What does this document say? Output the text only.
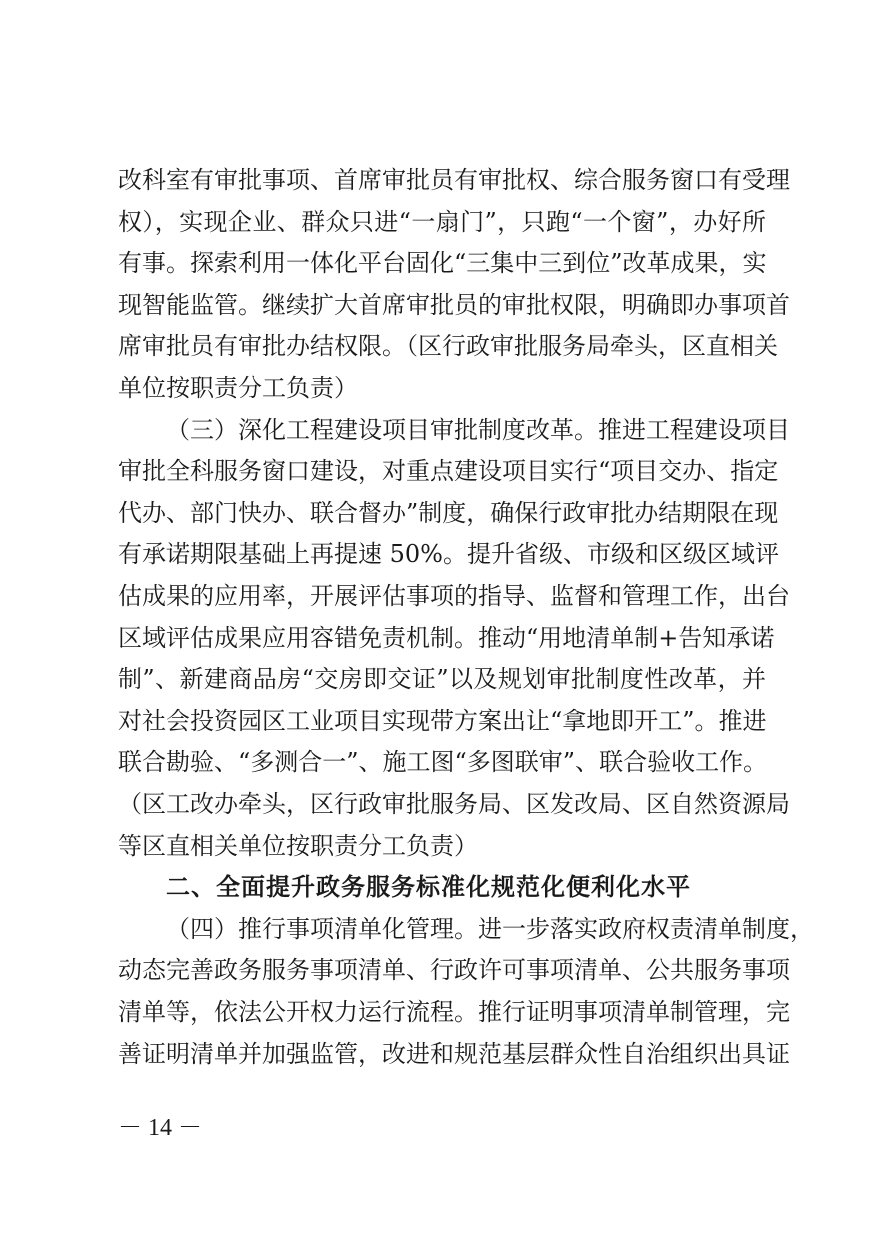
改科室有审批事项、首席审批员有审批权、综合服务窗口有受理
权），实现企业、群众只进“一扇门”，只跑“一个窗”，办好所
有事。探索利用一体化平台固化“三集中三到位”改革成果，实
现智能监管。继续扩大首席审批员的审批权限，明确即办事项首
席审批员有审批办结权限。（区行政审批服务局牵头，区直相关
单位按职责分工负责）
（三）深化工程建设项目审批制度改革。推进工程建设项目
审批全科服务窗口建设，对重点建设项目实行“项目交办、指定
代办、部门快办、联合督办”制度，确保行政审批办结期限在现
有承诺期限基础上再提速 50%。提升省级、市级和区级区域评
估成果的应用率，开展评估事项的指导、监督和管理工作，出台
区域评估成果应用容错免责机制。推动“用地清单制+告知承诺
制”、新建商品房“交房即交证”以及规划审批制度性改革，并
对社会投资园区工业项目实现带方案出让“拿地即开工”。推进
联合勘验、“多测合一”、施工图“多图联审”、联合验收工作。
（区工改办牵头，区行政审批服务局、区发改局、区自然资源局
等区直相关单位按职责分工负责）
二、全面提升政务服务标准化规范化便利化水平
（四）推行事项清单化管理。进一步落实政府权责清单制度，
动态完善政务服务事项清单、行政许可事项清单、公共服务事项
清单等，依法公开权力运行流程。推行证明事项清单制管理，完
善证明清单并加强监管，改进和规范基层群众性自治组织出具证
－ 14 －
